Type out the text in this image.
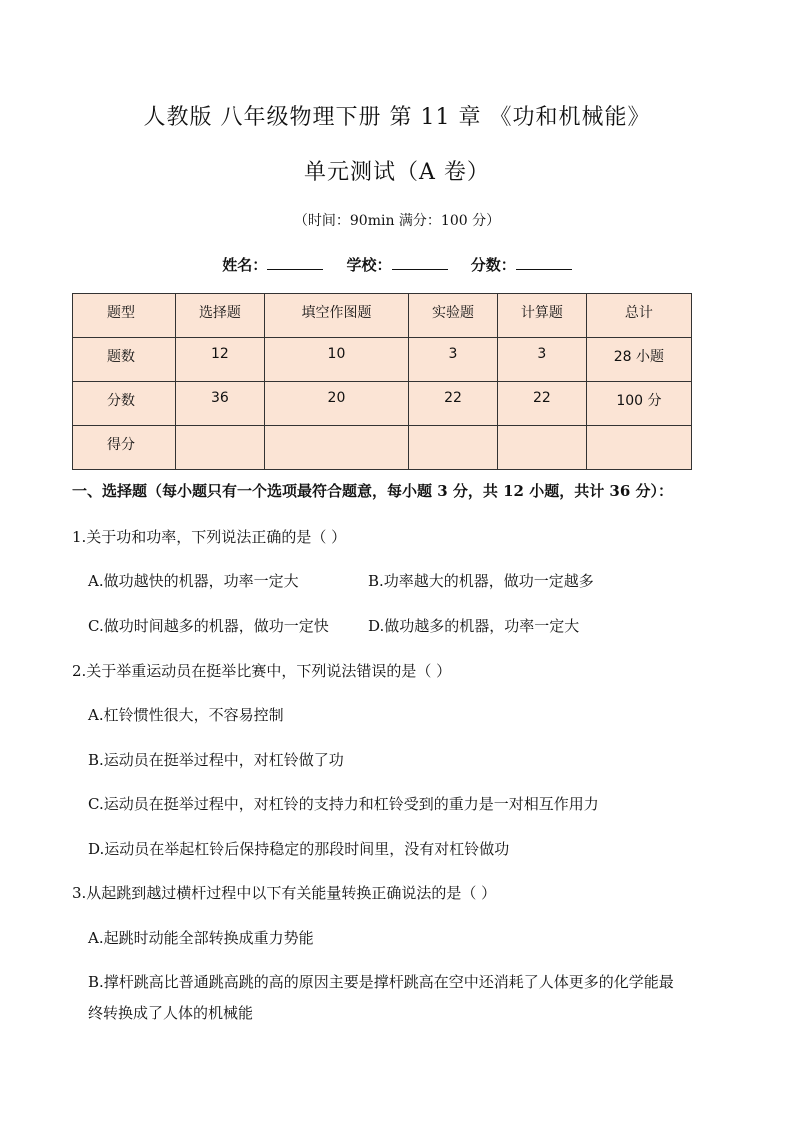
人教版 八年级物理下册 第 11 章 《功和机械能》
单元测试（A 卷）
（时间：90min 满分：100 分）
姓名：	学校：	分数：
题型	选择题	填空作图题	实验题	计算题	总计
题数	12	10	3	3	28 小题
分数	36	20	22	22	100 分
得分					
一、选择题（每小题只有一个选项最符合题意，每小题 3 分，共 12 小题，共计 36 分）：
1.关于功和功率，下列说法正确的是（ ）
A.做功越快的机器，功率一定大	B.功率越大的机器，做功一定越多
C.做功时间越多的机器，做功一定快	D.做功越多的机器，功率一定大
2.关于举重运动员在挺举比赛中，下列说法错误的是（ ）
A.杠铃惯性很大，不容易控制
B.运动员在挺举过程中，对杠铃做了功
C.运动员在挺举过程中，对杠铃的支持力和杠铃受到的重力是一对相互作用力
D.运动员在举起杠铃后保持稳定的那段时间里，没有对杠铃做功
3.从起跳到越过横杆过程中以下有关能量转换正确说法的是（ ）
A.起跳时动能全部转换成重力势能
B.撑杆跳高比普通跳高跳的高的原因主要是撑杆跳高在空中还消耗了人体更多的化学能最
终转换成了人体的机械能
